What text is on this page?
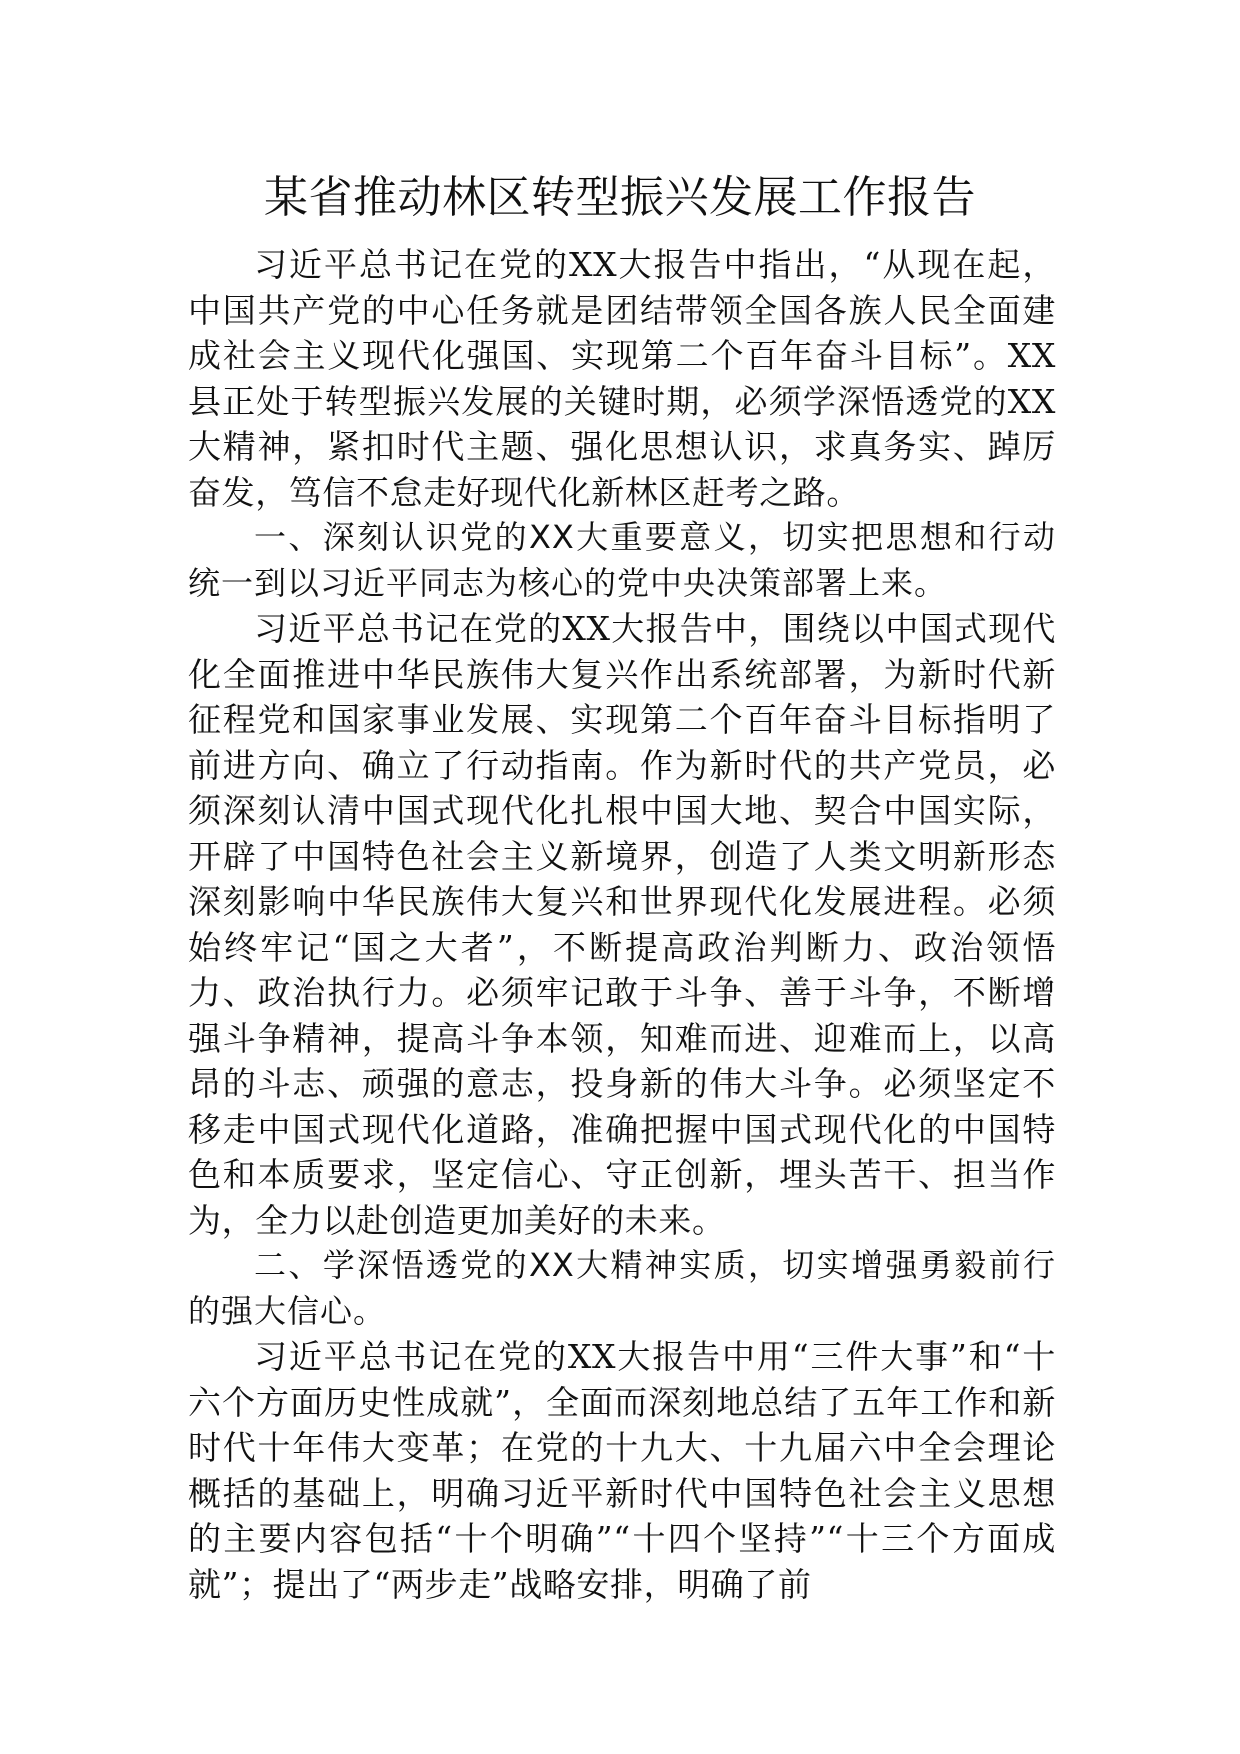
某省推动林区转型振兴发展工作报告

习近平总书记在党的XX大报告中指出，“从现在起，中国共产党的中心任务就是团结带领全国各族人民全面建成社会主义现代化强国、实现第二个百年奋斗目标”。XX县正处于转型振兴发展的关键时期，必须学深悟透党的XX大精神，紧扣时代主题、强化思想认识，求真务实、踔厉奋发，笃信不怠走好现代化新林区赶考之路。

一、深刻认识党的XX大重要意义，切实把思想和行动统一到以习近平同志为核心的党中央决策部署上来。

习近平总书记在党的XX大报告中，围绕以中国式现代化全面推进中华民族伟大复兴作出系统部署，为新时代新征程党和国家事业发展、实现第二个百年奋斗目标指明了前进方向、确立了行动指南。作为新时代的共产党员，必须深刻认清中国式现代化扎根中国大地、契合中国实际，开辟了中国特色社会主义新境界，创造了人类文明新形态深刻影响中华民族伟大复兴和世界现代化发展进程。必须始终牢记“国之大者”，不断提高政治判断力、政治领悟力、政治执行力。必须牢记敢于斗争、善于斗争，不断增强斗争精神，提高斗争本领，知难而进、迎难而上，以高昂的斗志、顽强的意志，投身新的伟大斗争。必须坚定不移走中国式现代化道路，准确把握中国式现代化的中国特色和本质要求，坚定信心、守正创新，埋头苦干、担当作为，全力以赴创造更加美好的未来。

二、学深悟透党的XX大精神实质，切实增强勇毅前行的强大信心。

习近平总书记在党的XX大报告中用“三件大事”和“十六个方面历史性成就”，全面而深刻地总结了五年工作和新时代十年伟大变革；在党的十九大、十九届六中全会理论概括的基础上，明确习近平新时代中国特色社会主义思想的主要内容包括“十个明确”“十四个坚持”“十三个方面成就”；提出了“两步走”战略安排，明确了前
